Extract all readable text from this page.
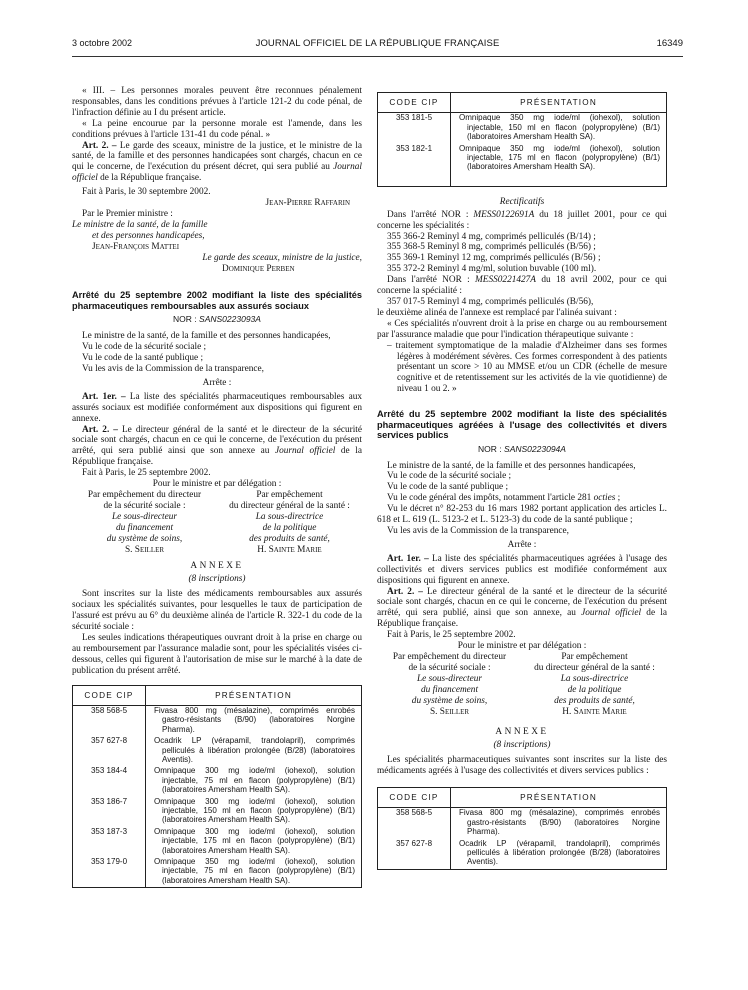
3 octobre 2002	JOURNAL OFFICIEL DE LA RÉPUBLIQUE FRANÇAISE	16349

« III. – Les personnes morales peuvent être reconnues pénalement responsables, dans les conditions prévues à l'article 121-2 du code pénal, de l'infraction définie au I du présent article.

« La peine encourue par la personne morale est l'amende, dans les conditions prévues à l'article 131-41 du code pénal. »

Art. 2. – Le garde des sceaux, ministre de la justice, et le ministre de la santé, de la famille et des personnes handicapées sont chargés, chacun en ce qui le concerne, de l'exécution du présent décret, qui sera publié au Journal officiel de la République française.

Fait à Paris, le 30 septembre 2002.

Jean-Pierre Raffarin

Par le Premier ministre :

Le ministre de la santé, de la famille

et des personnes handicapées,

Jean-François Mattei

Le garde des sceaux, ministre de la justice,

Dominique Perben

Arrêté du 25 septembre 2002 modifiant la liste des spécialités pharmaceutiques remboursables aux assurés sociaux
NOR : SANS0223093A

Le ministre de la santé, de la famille et des personnes handicapées,

Vu le code de la sécurité sociale ;

Vu le code de la santé publique ;

Vu les avis de la Commission de la transparence,

Arrête :

Art. 1er. – La liste des spécialités pharmaceutiques remboursables aux assurés sociaux est modifiée conformément aux dispositions qui figurent en annexe.

Art. 2. – Le directeur général de la santé et le directeur de la sécurité sociale sont chargés, chacun en ce qui le concerne, de l'exécution du présent arrêté, qui sera publié ainsi que son annexe au Journal officiel de la République française.

Fait à Paris, le 25 septembre 2002.

Pour le ministre et par délégation :

Par empêchement du directeur
de la sécurité sociale :
Le sous-directeur
du financement
du système de soins,
S. Seiller
Par empêchement
du directeur général de la santé :
La sous-directrice
de la politique
des produits de santé,
H. Sainte Marie

ANNEXE

(8 inscriptions)

Sont inscrites sur la liste des médicaments remboursables aux assurés sociaux les spécialités suivantes, pour lesquelles le taux de participation de l'assuré est prévu au 6° du deuxième alinéa de l'article R. 322-1 du code de la sécurité sociale :

Les seules indications thérapeutiques ouvrant droit à la prise en charge ou au remboursement par l'assurance maladie sont, pour les spécialités visées ci-dessous, celles qui figurent à l'autorisation de mise sur le marché à la date de publication du présent arrêté.

CODE CIP	PRÉSENTATION
358 568-5	Fivasa 800 mg (mésalazine), comprimés enrobés gastro-résistants (B/90) (laboratoires Norgine Pharma).

357 627-8	Ocadrik LP (vérapamil, trandolapril), comprimés pelliculés à libération prolongée (B/28) (laboratoires Aventis).

353 184-4	Omnipaque 300 mg iode/ml (iohexol), solution injectable, 75 ml en flacon (polypropylène) (B/1) (laboratoires Amersham Health SA).

353 186-7	Omnipaque 300 mg iode/ml (iohexol), solution injectable, 150 ml en flacon (polypropylène) (B/1) (laboratoires Amersham Health SA).

353 187-3	Omnipaque 300 mg iode/ml (iohexol), solution injectable, 175 ml en flacon (polypropylène) (B/1) (laboratoires Amersham Health SA).

353 179-0	Omnipaque 350 mg iode/ml (iohexol), solution injectable, 75 ml en flacon (polypropylène) (B/1) (laboratoires Amersham Health SA).
CODE CIP	PRÉSENTATION
353 181-5	Omnipaque 350 mg iode/ml (iohexol), solution injectable, 150 ml en flacon (polypropylène) (B/1) (laboratoires Amersham Health SA).

353 182-1	Omnipaque 350 mg iode/ml (iohexol), solution injectable, 175 ml en flacon (polypropylène) (B/1) (laboratoires Amersham Health SA).

Rectificatifs

Dans l'arrêté NOR : MESS0122691A du 18 juillet 2001, pour ce qui concerne les spécialités :

355 366-2 Reminyl 4 mg, comprimés pelliculés (B/14) ;

355 368-5 Reminyl 8 mg, comprimés pelliculés (B/56) ;

355 369-1 Reminyl 12 mg, comprimés pelliculés (B/56) ;

355 372-2 Reminyl 4 mg/ml, solution buvable (100 ml).

Dans l'arrêté NOR : MESS0221427A du 18 avril 2002, pour ce qui concerne la spécialité :

357 017-5 Reminyl 4 mg, comprimés pelliculés (B/56),

le deuxième alinéa de l'annexe est remplacé par l'alinéa suivant :

« Ces spécialités n'ouvrent droit à la prise en charge ou au remboursement par l'assurance maladie que pour l'indication thérapeutique suivante :

– traitement symptomatique de la maladie d'Alzheimer dans ses formes légères à modérément sévères. Ces formes correspondent à des patients présentant un score > 10 au MMSE et/ou un CDR (échelle de mesure cognitive et de retentissement sur les activités de la vie quotidienne) de niveau 1 ou 2. »

Arrêté du 25 septembre 2002 modifiant la liste des spécialités pharmaceutiques agréées à l'usage des collectivités et divers services publics
NOR : SANS0223094A

Le ministre de la santé, de la famille et des personnes handicapées,

Vu le code de la sécurité sociale ;

Vu le code de la santé publique ;

Vu le code général des impôts, notamment l'article 281 octies ;

Vu le décret n° 82-253 du 16 mars 1982 portant application des articles L. 618 et L. 619 (L. 5123-2 et L. 5123-3) du code de la santé publique ;

Vu les avis de la Commission de la transparence,

Arrête :

Art. 1er. – La liste des spécialités pharmaceutiques agréées à l'usage des collectivités et divers services publics est modifiée conformément aux dispositions qui figurent en annexe.

Art. 2. – Le directeur général de la santé et le directeur de la sécurité sociale sont chargés, chacun en ce qui le concerne, de l'exécution du présent arrêté, qui sera publié, ainsi que son annexe, au Journal officiel de la République française.

Fait à Paris, le 25 septembre 2002.

Pour le ministre et par délégation :

Par empêchement du directeur
de la sécurité sociale :
Le sous-directeur
du financement
du système de soins,
S. Seiller
Par empêchement
du directeur général de la santé :
La sous-directrice
de la politique
des produits de santé,
H. Sainte Marie

ANNEXE

(8 inscriptions)

Les spécialités pharmaceutiques suivantes sont inscrites sur la liste des médicaments agréés à l'usage des collectivités et divers services publics :

CODE CIP	PRÉSENTATION
358 568-5	Fivasa 800 mg (mésalazine), comprimés enrobés gastro-résistants (B/90) (laboratoires Norgine Pharma).

357 627-8	Ocadrik LP (vérapamil, trandolapril), comprimés pelliculés à libération prolongée (B/28) (laboratoires Aventis).
